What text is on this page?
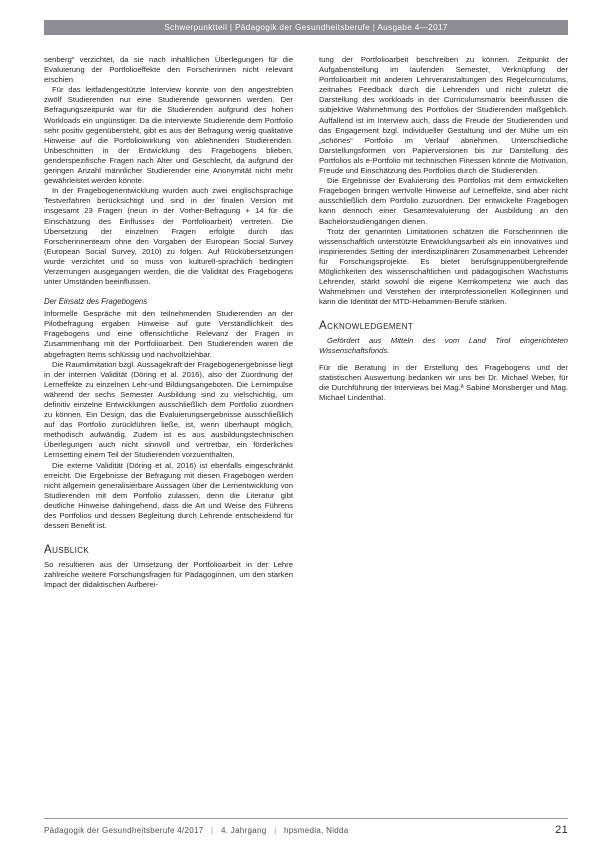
Schwerpunktteil | Pädagogik der Gesundheitsberufe | Ausgabe 4—2017

senberg“ verzichtet, da sie nach inhaltlichen Überlegungen für die Evaluierung der Portfolioeffekte den Forscherinnen nicht relevant erschien.

Für das leitfadengestützte Interview konnte von den angestrebten zwölf Studierenden nur eine Studierende gewonnen werden. Der Befragungszeitpunkt war für die Studierenden aufgrund des hohen Workloads ein ungünstiger. Da die interviewte Studierende dem Portfolio sehr positiv gegenübersteht, gibt es aus der Befragung wenig qualitative Hinweise auf die Portfolioiwirkung von ablehnenden Studierenden. Unbeschnitten in der Entwicklung des Fragebogens blieben, genderspezifische Fragen nach Alter und Geschlecht, da aufgrund der geringen Anzahl männlicher Studierender eine Anonymität nicht mehr gewährleistet werden könnte.

In der Fragebogenentwicklung wurden auch zwei englischsprachige Testverfahren berücksichtigt und sind in der finalen Version mit insgesamt 23 Fragen (neun in der Vorher-Befragung + 14 für die Einschätzung des Einflusses der Portfolioarbeit) vertreten. Die Übersetzung der einzelnen Fragen erfolgte durch das Forscherinnenteam ohne den Vorgaben der European Social Survey (European Social Survey, 2010) zu folgen. Auf Rückübersetzungen wurde verzichtet und so muss von kulturell-sprachlich bedingten Verzerrungen ausgegangen werden, die die Validität des Fragebogens unter Umständen beeinflussen.

Der Einsatz des Fragebogens

Informelle Gespräche mit den teilnehmenden Studierenden an der Pilotbefragung ergaben Hinweise auf gute Verständlichkeit des Fragebogens und eine offensichtliche Relevanz der Fragen in Zusammenhang mit der Portfolioarbeit. Den Studierenden waren die abgefragten Items schlüssig und nachvollziehbar.

Die Raumlimitation bzgl. Aussagekraft der Fragebogenergebnisse liegt in der internen Validität (Döring et al. 2016), also der Zuordnung der Lerneffekte zu einzelnen Lehr-und Bildungsangeboten. Die Lernimpulse während der sechs Semester Ausbildung sind zu vielschichtig, um definitiv einzelne Entwicklungen ausschließlich dem Portfolio zuordnen zu können. Ein Design, das die Evaluierungsergebnisse ausschließlich auf das Portfolio zurückführen ließe, ist, wenn überhaupt möglich, methodisch aufwändig. Zudem ist es aus ausbildungstechnischen Überlegungen auch nicht sinnvoll und vertretbar, ein förderliches Lernsetting einem Teil der Studierenden vorzuenthalten.

Die externe Validität (Döring et al, 2016) ist ebenfalls eingeschränkt erreicht. Die Ergebnisse der Befragung mit diesen Fragebogen werden nicht allgemein generalisierbare Aussagen über die Lernentwicklung von Studierenden mit dem Portfolio zulassen, denn die Literatur gibt deutliche Hinweise dahingehend, dass die Art und Weise des Führens des Portfolios und dessen Begleitung durch Lehrende entscheidend für dessen Benefit ist.

Ausblick

So resultieren aus der Umsetzung der Portfolioarbeit in der Lehre zahlreiche weitere Forschungsfragen für Pädagoginnen, um den starken Impact der didaktischen Aufberei-

tung der Portfolioarbeit beschreiben zu können. Zeitpunkt der Aufgabenstellung im laufenden Semester, Verknüpfung der Portfolioarbeit mit anderen Lehrveranstaltungen des Regelcurriculums, zeitnahes Feedback durch die Lehrenden und nicht zuletzt die Darstellung des workloads in der Curriculumsmatrix beeinflussen die subjektive Wahrnehmung des Portfolios der Studierenden maßgeblich. Auffallend ist im Interview auch, dass die Freude der Studierenden und das Engagement bzgl. individueller Gestaltung und der Mühe um ein „schönes“ Portfolio im Verlauf abnehmen. Unterschiedliche Darstellungsformen von Papierversionen bis zur Darstellung des Portfolios als e-Portfolio mit technischen Finessen könnte die Motivation, Freude und Einschätzung des Portfolios durch die Studierenden.

Die Ergebnisse der Evaluierung des Portfolios mit dem entwickelten Fragebogen bringen wertvolle Hinweise auf Lerneffekte, sind aber nicht ausschließlich dem Portfolio zuzuordnen. Der entwickelte Fragebogen kann dennoch einer Gesamtevaluierung der Ausbildung an den Bachelorstudiengängen dienen.

Trotz der genannten Limitationen schätzen die Forscherinnen die wissenschaftlich unterstützte Entwicklungsarbeit als ein innovatives und inspirierendes Setting der interdisziplinären Zusammenarbeit Lehrender für Forschungsprojekte. Es bietet berufsgruppenübergreifende Möglichkeiten des wissenschaftlichen und pädagogischen Wachstums Lehrender, stärkt sowohl die eigene Kernkompetenz wie auch das Wahrnehmen und Verstehen der interprofessionellen Kolleginnen und kann die Identität der MTD-Hebammen-Berufe stärken.

Acknowledgement

Gefördert aus Mitteln des vom Land Tirol eingerichteten Wissenschaftsfonds.

Für die Beratung in der Erstellung des Fragebogens und der statistischen Auswertung bedanken wir uns bei Dr. Michael Weber, für die Durchführung der Interviews bei Mag.ª Sabine Monsberger und Mag. Michael Lindenthal.

Pädagogik der Gesundheitsberufe 4/2017 | 4. Jahrgang | hpsmedia, Nidda	21
